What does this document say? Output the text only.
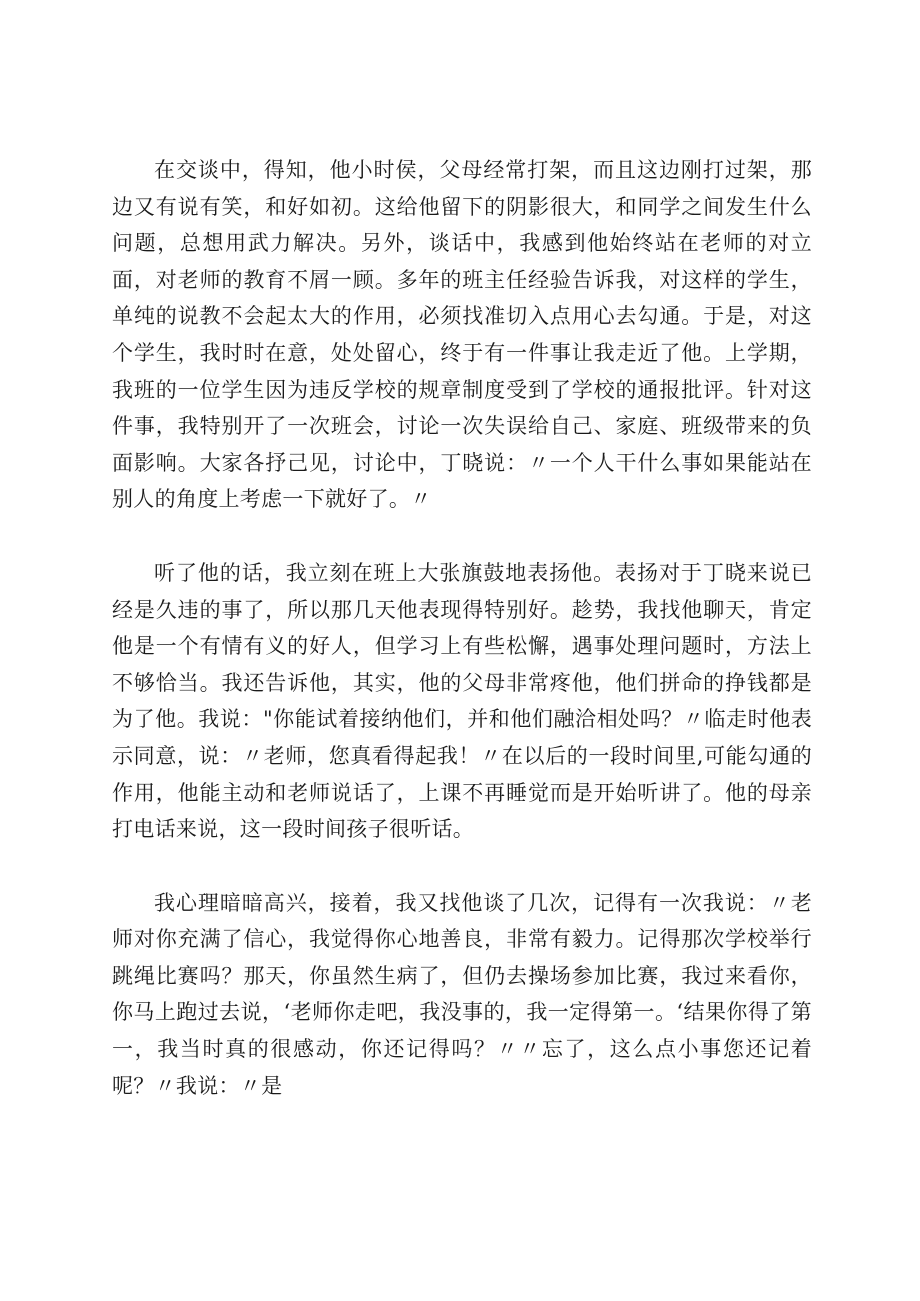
在交谈中，得知，他小时侯，父母经常打架，而且这边刚打过架，那边又有说有笑，和好如初。这给他留下的阴影很大，和同学之间发生什么问题，总想用武力解决。另外，谈话中，我感到他始终站在老师的对立面，对老师的教育不屑一顾。多年的班主任经验告诉我，对这样的学生，单纯的说教不会起太大的作用，必须找准切入点用心去勾通。于是，对这个学生，我时时在意，处处留心，终于有一件事让我走近了他。上学期，我班的一位学生因为违反学校的规章制度受到了学校的通报批评。针对这件事，我特别开了一次班会，讨论一次失误给自己、家庭、班级带来的负面影响。大家各抒己见，讨论中，丁晓说：〃一个人干什么事如果能站在别人的角度上考虑一下就好了。〃

听了他的话，我立刻在班上大张旗鼓地表扬他。表扬对于丁晓来说已经是久违的事了，所以那几天他表现得特别好。趁势，我找他聊天，肯定他是一个有情有义的好人，但学习上有些松懈，遇事处理问题时，方法上不够恰当。我还告诉他，其实，他的父母非常疼他，他们拼命的挣钱都是为了他。我说："你能试着接纳他们，并和他们融洽相处吗？〃临走时他表示同意，说：〃老师，您真看得起我！〃在以后的一段时间里,可能勾通的作用，他能主动和老师说话了，上课不再睡觉而是开始听讲了。他的母亲打电话来说，这一段时间孩子很听话。

我心理暗暗高兴，接着，我又找他谈了几次，记得有一次我说：〃老师对你充满了信心，我觉得你心地善良，非常有毅力。记得那次学校举行跳绳比赛吗？那天，你虽然生病了，但仍去操场参加比赛，我过来看你，你马上跑过去说，‘老师你走吧，我没事的，我一定得第一。‘结果你得了第一，我当时真的很感动，你还记得吗？〃〃忘了，这么点小事您还记着呢？〃我说：〃是
